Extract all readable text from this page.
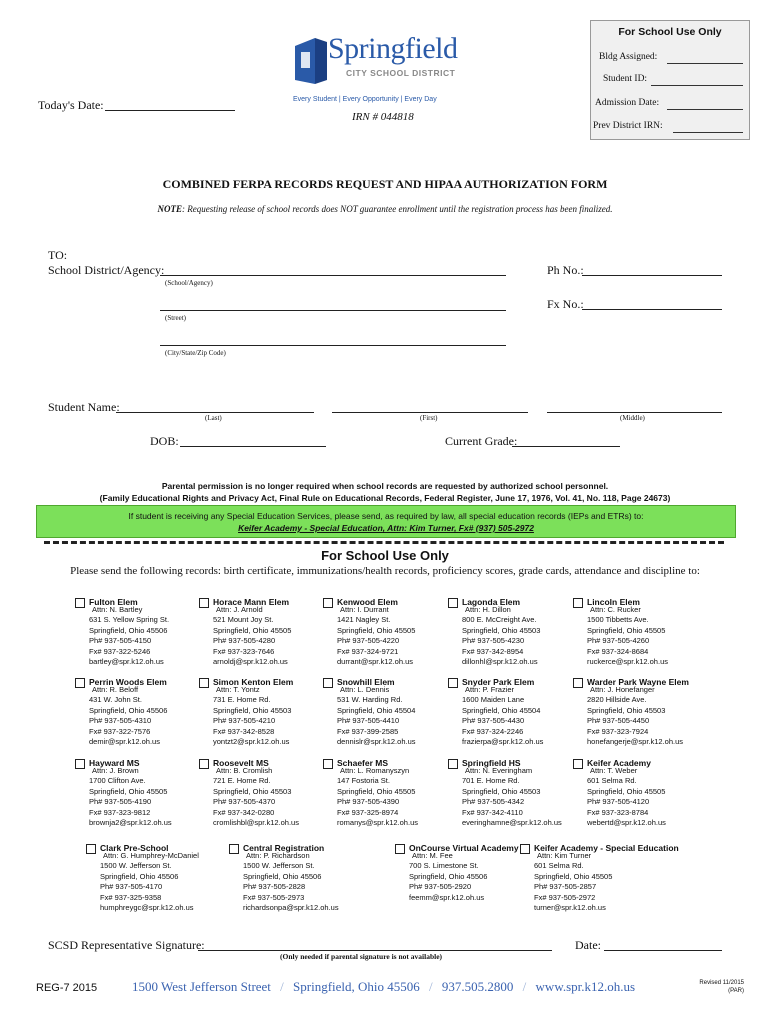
For School Use Only
Bldg Assigned:
Student ID:
Admission Date:
Prev District IRN:
Springfield
CITY SCHOOL DISTRICT
Every Student | Every Opportunity | Every Day
IRN # 044818
Today's Date:
COMBINED FERPA RECORDS REQUEST AND HIPAA AUTHORIZATION FORM
NOTE: Requesting release of school records does NOT guarantee enrollment until the registration process has been finalized.
TO:
School District/Agency:
(School/Agency)
(Street)
(City/State/Zip Code)
Ph No.:
Fx No.:
Student Name:
(Last)	(First)	(Middle)
DOB:	Current Grade:
Parental permission is no longer required when school records are requested by authorized school personnel.
(Family Educational Rights and Privacy Act, Final Rule on Educational Records, Federal Register, June 17, 1976, Vol. 41, No. 118, Page 24673)
If student is receiving any Special Education Services, please send, as required by law, all special education records (IEPs and ETRs) to:
Keifer Academy - Special Education, Attn: Kim Turner, Fx# (937) 505-2972
For School Use Only
Please send the following records: birth certificate, immunizations/health records, proficiency scores, grade cards, attendance and discipline to:
Fulton Elem
Attn: N. Bartley
631 S. Yellow Spring St.
Springfield, Ohio 45506
Ph# 937-505-4150
Fx# 937-322-5246
bartley@spr.k12.oh.us
Horace Mann Elem
Attn: J. Arnold
521 Mount Joy St.
Springfield, Ohio 45505
Ph# 937-505-4280
Fx# 937-323-7646
arnoldj@spr.k12.oh.us
Kenwood Elem
Attn: I. Durrant
1421 Nagley St.
Springfield, Ohio 45505
Ph# 937-505-4220
Fx# 937-324-9721
durrant@spr.k12.oh.us
Lagonda Elem
Attn: H. Dillon
800 E. McCreight Ave.
Springfield, Ohio 45503
Ph# 937-505-4230
Fx# 937-342-8954
dillonhl@spr.k12.oh.us
Lincoln Elem
Attn: C. Rucker
1500 Tibbetts Ave.
Springfield, Ohio 45505
Ph# 937-505-4260
Fx# 937-324-8684
ruckerce@spr.k12.oh.us
Perrin Woods Elem
Attn: R. Beloff
431 W. John St.
Springfield, Ohio 45506
Ph# 937-505-4310
Fx# 937-322-7576
demir@spr.k12.oh.us
Simon Kenton Elem
Attn: T. Yontz
731 E. Home Rd.
Springfield, Ohio 45503
Ph# 937-505-4210
Fx# 937-342-8528
yontzt2@spr.k12.oh.us
Snowhill Elem
Attn: L. Dennis
531 W. Harding Rd.
Springfield, Ohio 45504
Ph# 937-505-4410
Fx# 937-399-2585
dennislr@spr.k12.oh.us
Snyder Park Elem
Attn: P. Frazier
1600 Maiden Lane
Springfield, Ohio 45504
Ph# 937-505-4430
Fx# 937-324-2246
frazierpa@spr.k12.oh.us
Warder Park Wayne Elem
Attn: J. Honefanger
2820 Hillside Ave.
Springfield, Ohio 45503
Ph# 937-505-4450
Fx# 937-323-7924
honefangerje@spr.k12.oh.us
Hayward MS
Attn: J. Brown
1700 Clifton Ave.
Springfield, Ohio 45505
Ph# 937-505-4190
Fx# 937-323-9812
brownja2@spr.k12.oh.us
Roosevelt MS
Attn: B. Cromlish
721 E. Home Rd.
Springfield, Ohio 45503
Ph# 937-505-4370
Fx# 937-342-0280
cromlishbl@spr.k12.oh.us
Schaefer MS
Attn: L. Romanyszyn
147 Fostoria St.
Springfield, Ohio 45505
Ph# 937-505-4390
Fx# 937-325-8974
romanys@spr.k12.oh.us
Springfield HS
Attn: N. Everingham
701 E. Home Rd.
Springfield, Ohio 45503
Ph# 937-505-4342
Fx# 937-342-4110
everinghamne@spr.k12.oh.us
Keifer Academy
Attn: T. Weber
601 Selma Rd.
Springfield, Ohio 45505
Ph# 937-505-4120
Fx# 937-323-8784
webertd@spr.k12.oh.us
Clark Pre-School
Attn: G. Humphrey-McDaniel
1500 W. Jefferson St.
Springfield, Ohio 45506
Ph# 937-505-4170
Fx# 937-325-9358
humphreygc@spr.k12.oh.us
Central Registration
Attn: P. Richardson
1500 W. Jefferson St.
Springfield, Ohio 45506
Ph# 937-505-2828
Fx# 937-505-2973
richardsonpa@spr.k12.oh.us
OnCourse Virtual Academy
Attn: M. Fee
700 S. Limestone St.
Springfield, Ohio 45506
Ph# 937-505-2920
feemm@spr.k12.oh.us
Keifer Academy - Special Education
Attn: Kim Turner
601 Selma Rd.
Springfield, Ohio 45505
Ph# 937-505-2857
Fx# 937-505-2972
turner@spr.k12.oh.us
SCSD Representative Signature:
(Only needed if parental signature is not available)
Date:
REG-7 2015	1500 West Jefferson Street / Springfield, Ohio 45506 / 937.505.2800 / www.spr.k12.oh.us	Revised 11/2015
(PAR)
